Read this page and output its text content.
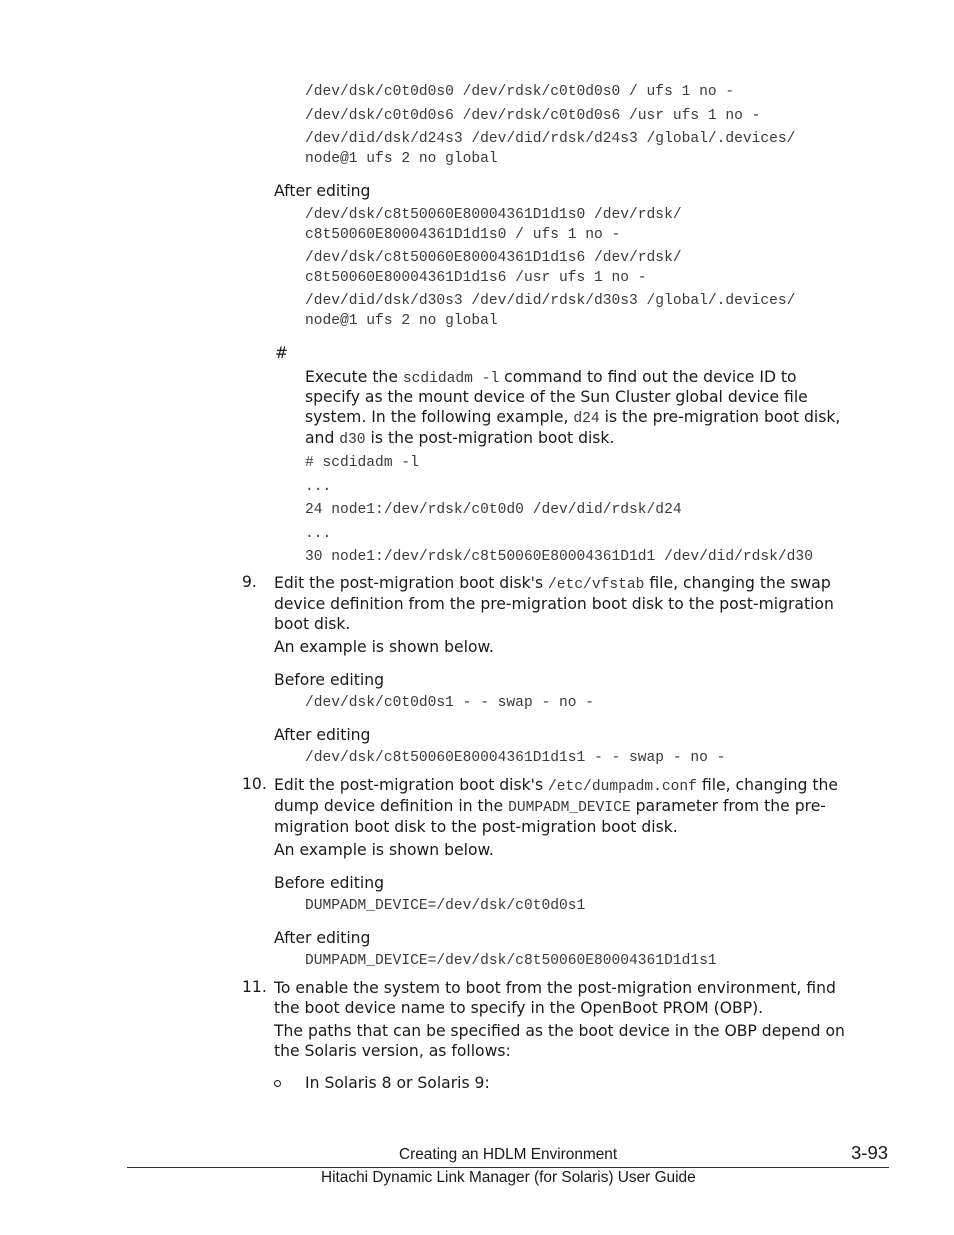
/dev/dsk/c0t0d0s0 /dev/rdsk/c0t0d0s0 / ufs 1 no -
/dev/dsk/c0t0d0s6 /dev/rdsk/c0t0d0s6 /usr ufs 1 no -
/dev/did/dsk/d24s3 /dev/did/rdsk/d24s3 /global/.devices/
node@1 ufs 2 no global
After editing
/dev/dsk/c8t50060E80004361D1d1s0 /dev/rdsk/
c8t50060E80004361D1d1s0 / ufs 1 no -
/dev/dsk/c8t50060E80004361D1d1s6 /dev/rdsk/
c8t50060E80004361D1d1s6 /usr ufs 1 no -
/dev/did/dsk/d30s3 /dev/did/rdsk/d30s3 /global/.devices/
node@1 ufs 2 no global
#
Execute the scdidadm -l command to find out the device ID to
specify as the mount device of the Sun Cluster global device file
system. In the following example, d24 is the pre-migration boot disk,
and d30 is the post-migration boot disk.
# scdidadm -l
...
24 node1:/dev/rdsk/c0t0d0 /dev/did/rdsk/d24
...
30 node1:/dev/rdsk/c8t50060E80004361D1d1 /dev/did/rdsk/d30
9. Edit the post-migration boot disk's /etc/vfstab file, changing the swap
device definition from the pre-migration boot disk to the post-migration
boot disk.
An example is shown below.
Before editing
/dev/dsk/c0t0d0s1 - - swap - no -
After editing
/dev/dsk/c8t50060E80004361D1d1s1 - - swap - no -
10. Edit the post-migration boot disk's /etc/dumpadm.conf file, changing the
dump device definition in the DUMPADM_DEVICE parameter from the pre-
migration boot disk to the post-migration boot disk.
An example is shown below.
Before editing
DUMPADM_DEVICE=/dev/dsk/c0t0d0s1
After editing
DUMPADM_DEVICE=/dev/dsk/c8t50060E80004361D1d1s1
11. To enable the system to boot from the post-migration environment, find
the boot device name to specify in the OpenBoot PROM (OBP).
The paths that can be specified as the boot device in the OBP depend on
the Solaris version, as follows:
In Solaris 8 or Solaris 9:
Creating an HDLM Environment	3-93
Hitachi Dynamic Link Manager (for Solaris) User Guide
